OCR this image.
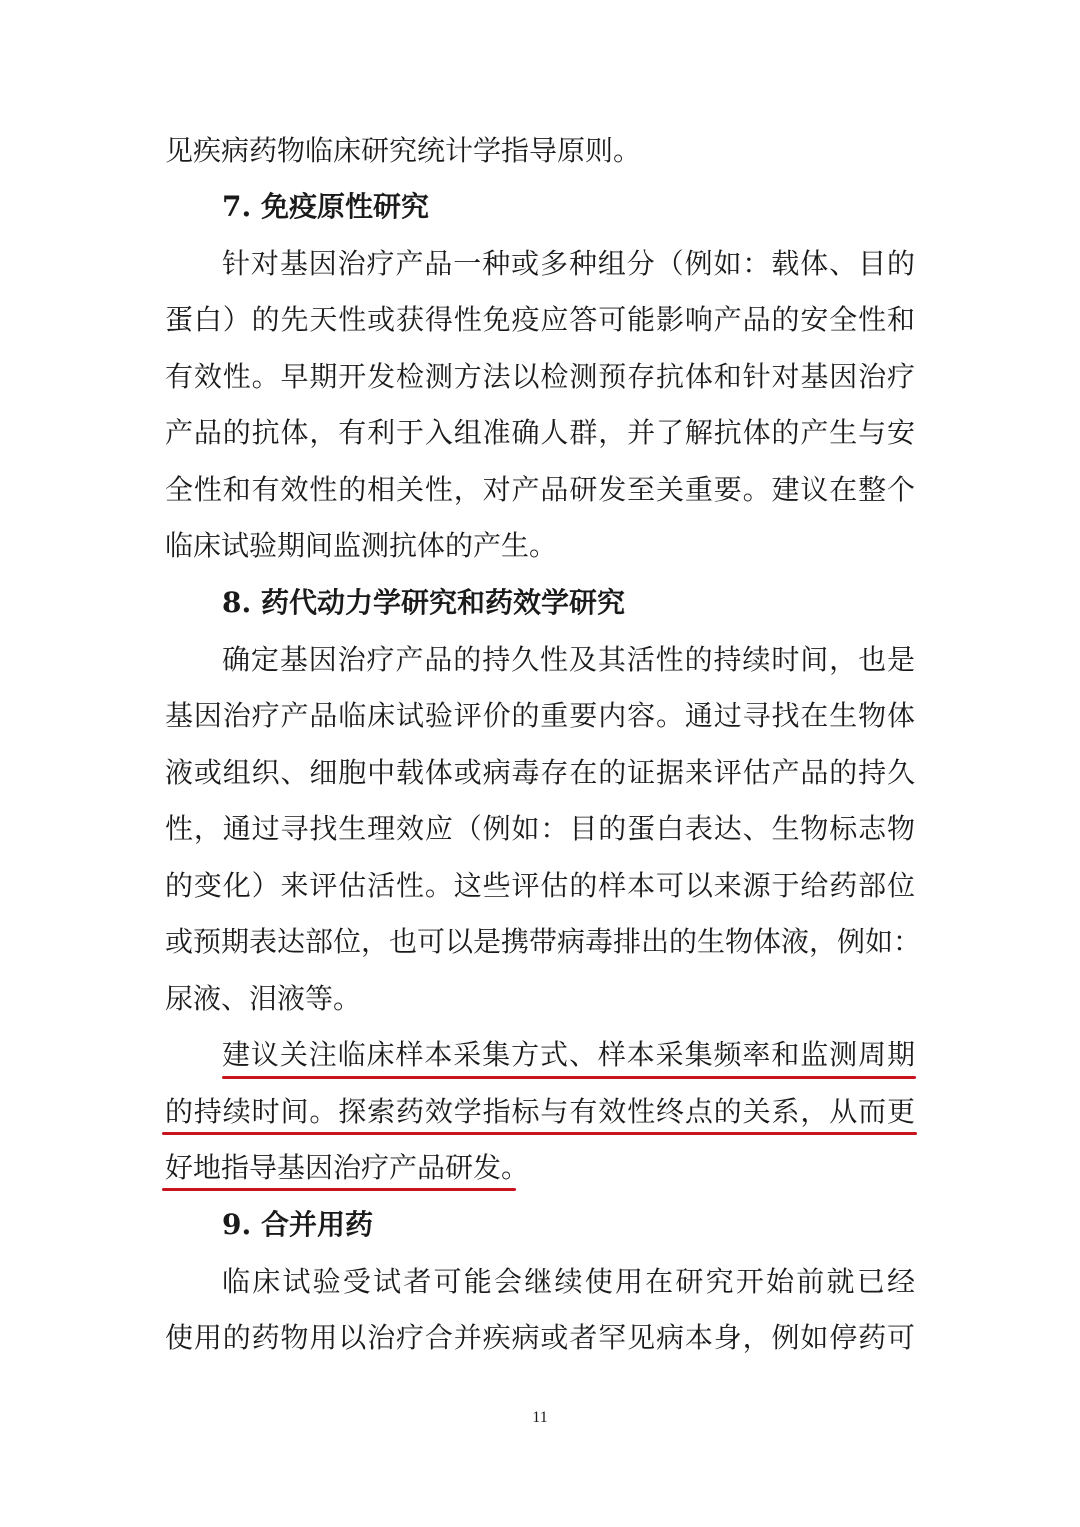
见疾病药物临床研究统计学指导原则。
7. 免疫原性研究
针对基因治疗产品一种或多种组分（例如：载体、目的
蛋白）的先天性或获得性免疫应答可能影响产品的安全性和
有效性。早期开发检测方法以检测预存抗体和针对基因治疗
产品的抗体，有利于入组准确人群，并了解抗体的产生与安
全性和有效性的相关性，对产品研发至关重要。建议在整个
临床试验期间监测抗体的产生。
8. 药代动力学研究和药效学研究
确定基因治疗产品的持久性及其活性的持续时间，也是
基因治疗产品临床试验评价的重要内容。通过寻找在生物体
液或组织、细胞中载体或病毒存在的证据来评估产品的持久
性，通过寻找生理效应（例如：目的蛋白表达、生物标志物
的变化）来评估活性。这些评估的样本可以来源于给药部位
或预期表达部位，也可以是携带病毒排出的生物体液，例如：
尿液、泪液等。
建议关注临床样本采集方式、样本采集频率和监测周期
的持续时间。探索药效学指标与有效性终点的关系，从而更
好地指导基因治疗产品研发。
9. 合并用药
临床试验受试者可能会继续使用在研究开始前就已经
使用的药物用以治疗合并疾病或者罕见病本身，例如停药可
11
